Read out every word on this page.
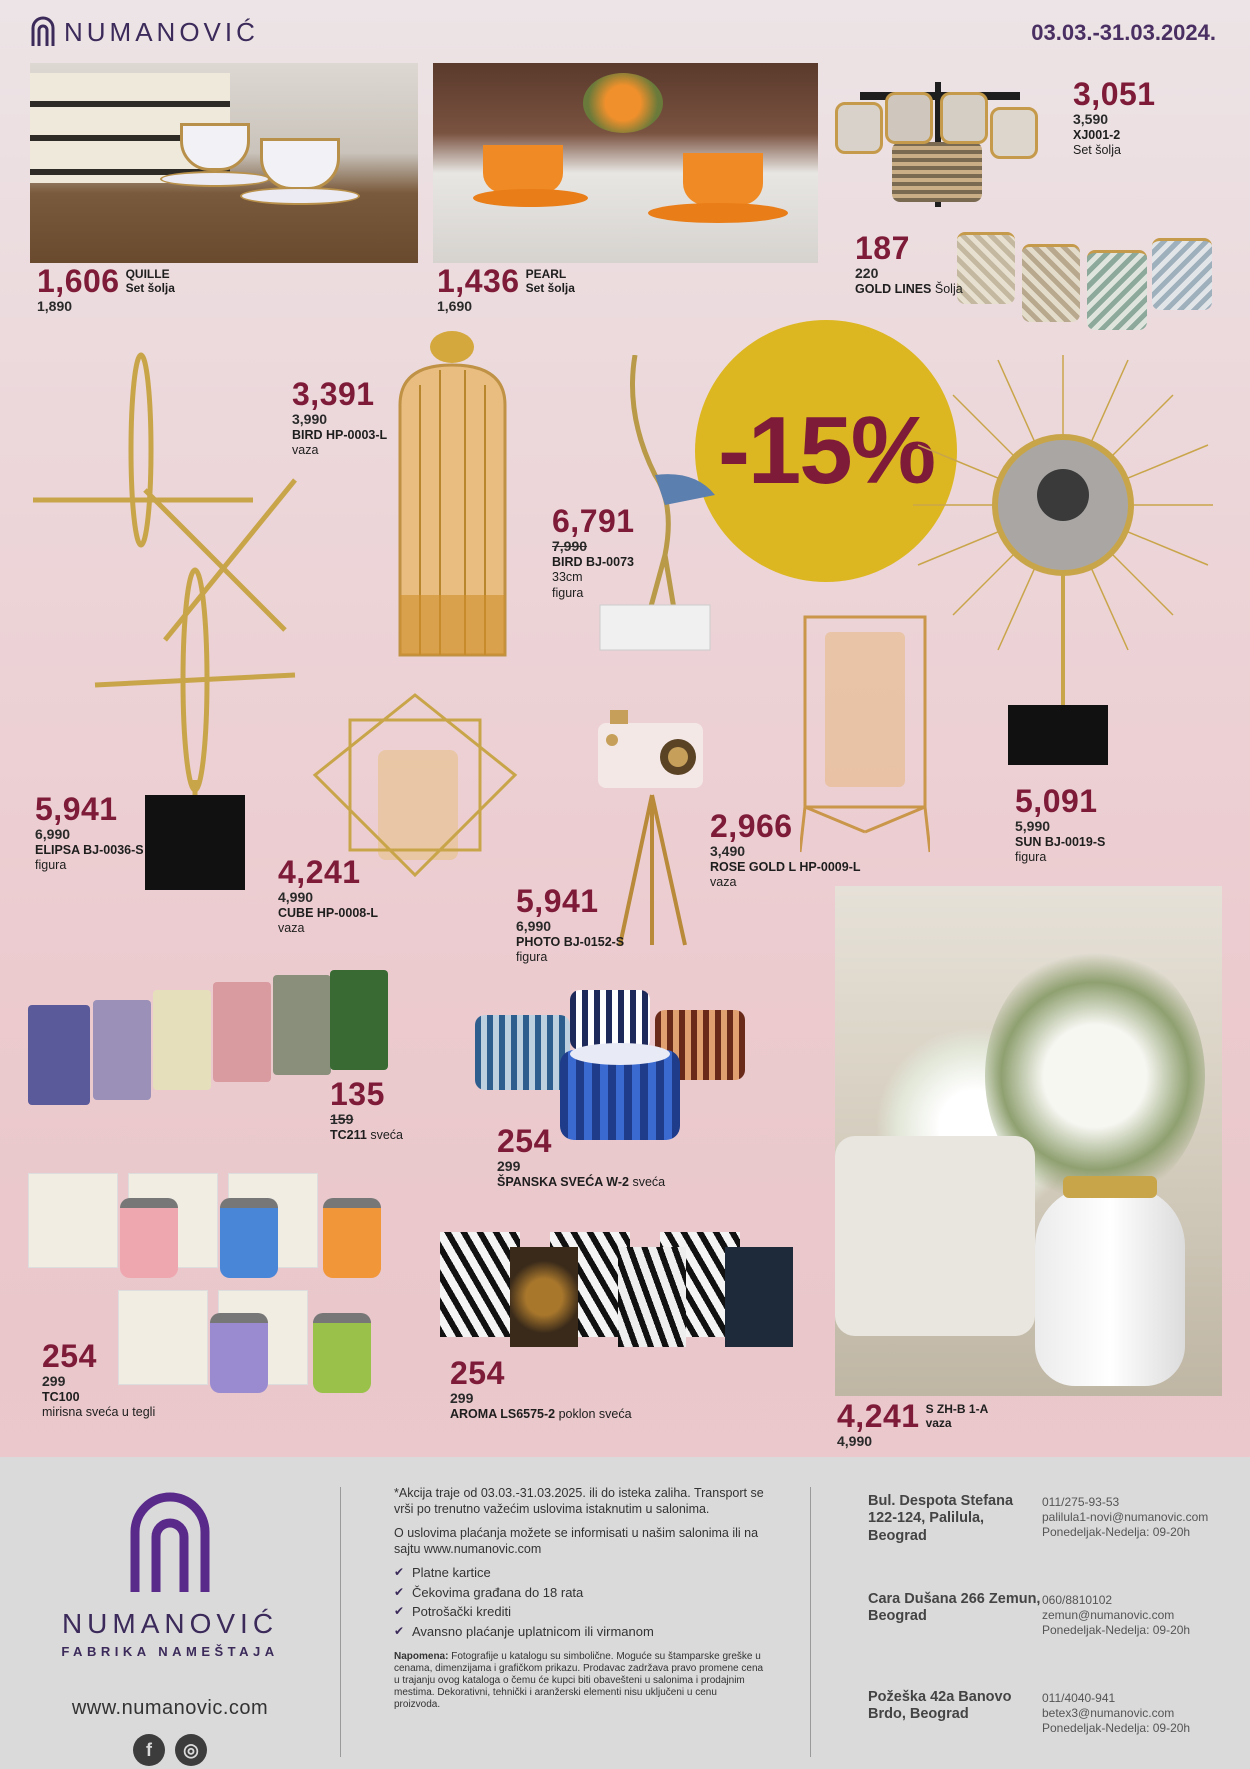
NUMANOVIĆ	03.03.-31.03.2024.
1,606 QUILLE
Set šolja
1,890
1,436 PEARL
Set šolja
1,690
3,051
3,590
XJ001-2
Set šolja
187
220
GOLD LINES Šolja
5,941
6,990
ELIPSA BJ-0036-S
figura
3,391
3,990
BIRD HP-0003-L
vaza	-15%
6,791
7,990
BIRD BJ-0073
33cm
figura
5,091
5,990
SUN BJ-0019-S
figura
4,241
4,990
CUBE HP-0008-L
vaza
5,941
6,990
PHOTO BJ-0152-S
figura
2,966
3,490
ROSE GOLD L HP-0009-L
vaza
4,241 S ZH-B 1-A
vaza
4,990
135
159
TC211 sveća	254
299
ŠPANSKA SVEĆA W-2 sveća
254
299
TC100
mirisna sveća u tegli
254
299
AROMA LS6575-2 poklon sveća
NUMANOVIĆ
FABRIKA NAMEŠTAJA
www.numanovic.com
f	◎

*Akcija traje od 03.03.-31.03.2025. ili do isteka zaliha. Transport se vrši po trenutno važećim uslovima istaknutim u salonima.

O uslovima plaćanja možete se informisati u našim salonima ili na sajtu www.numanovic.com

✔ Platne kartice
✔ Čekovima građana do 18 rata
✔ Potrošački krediti
✔ Avansno plaćanje uplatnicom ili virmanom
Napomena: Fotografije u katalogu su simbolične. Moguće su štamparske greške u cenama, dimenzijama i grafičkom prikazu. Prodavac zadržava pravo promene cena u trajanju ovog kataloga o čemu će kupci biti obavešteni u salonima i prodajnim mestima. Dekorativni, tehnički i aranžerski elementi nisu uključeni u cenu proizvoda.
Bul. Despota Stefana 122-124, Palilula, Beograd
011/275-93-53
palilula1-novi@numanovic.com
Ponedeljak-Nedelja: 09-20h
Cara Dušana 266 Zemun, Beograd
060/8810102
zemun@numanovic.com
Ponedeljak-Nedelja: 09-20h
Požeška 42a Banovo Brdo, Beograd
011/4040-941
betex3@numanovic.com
Ponedeljak-Nedelja: 09-20h
